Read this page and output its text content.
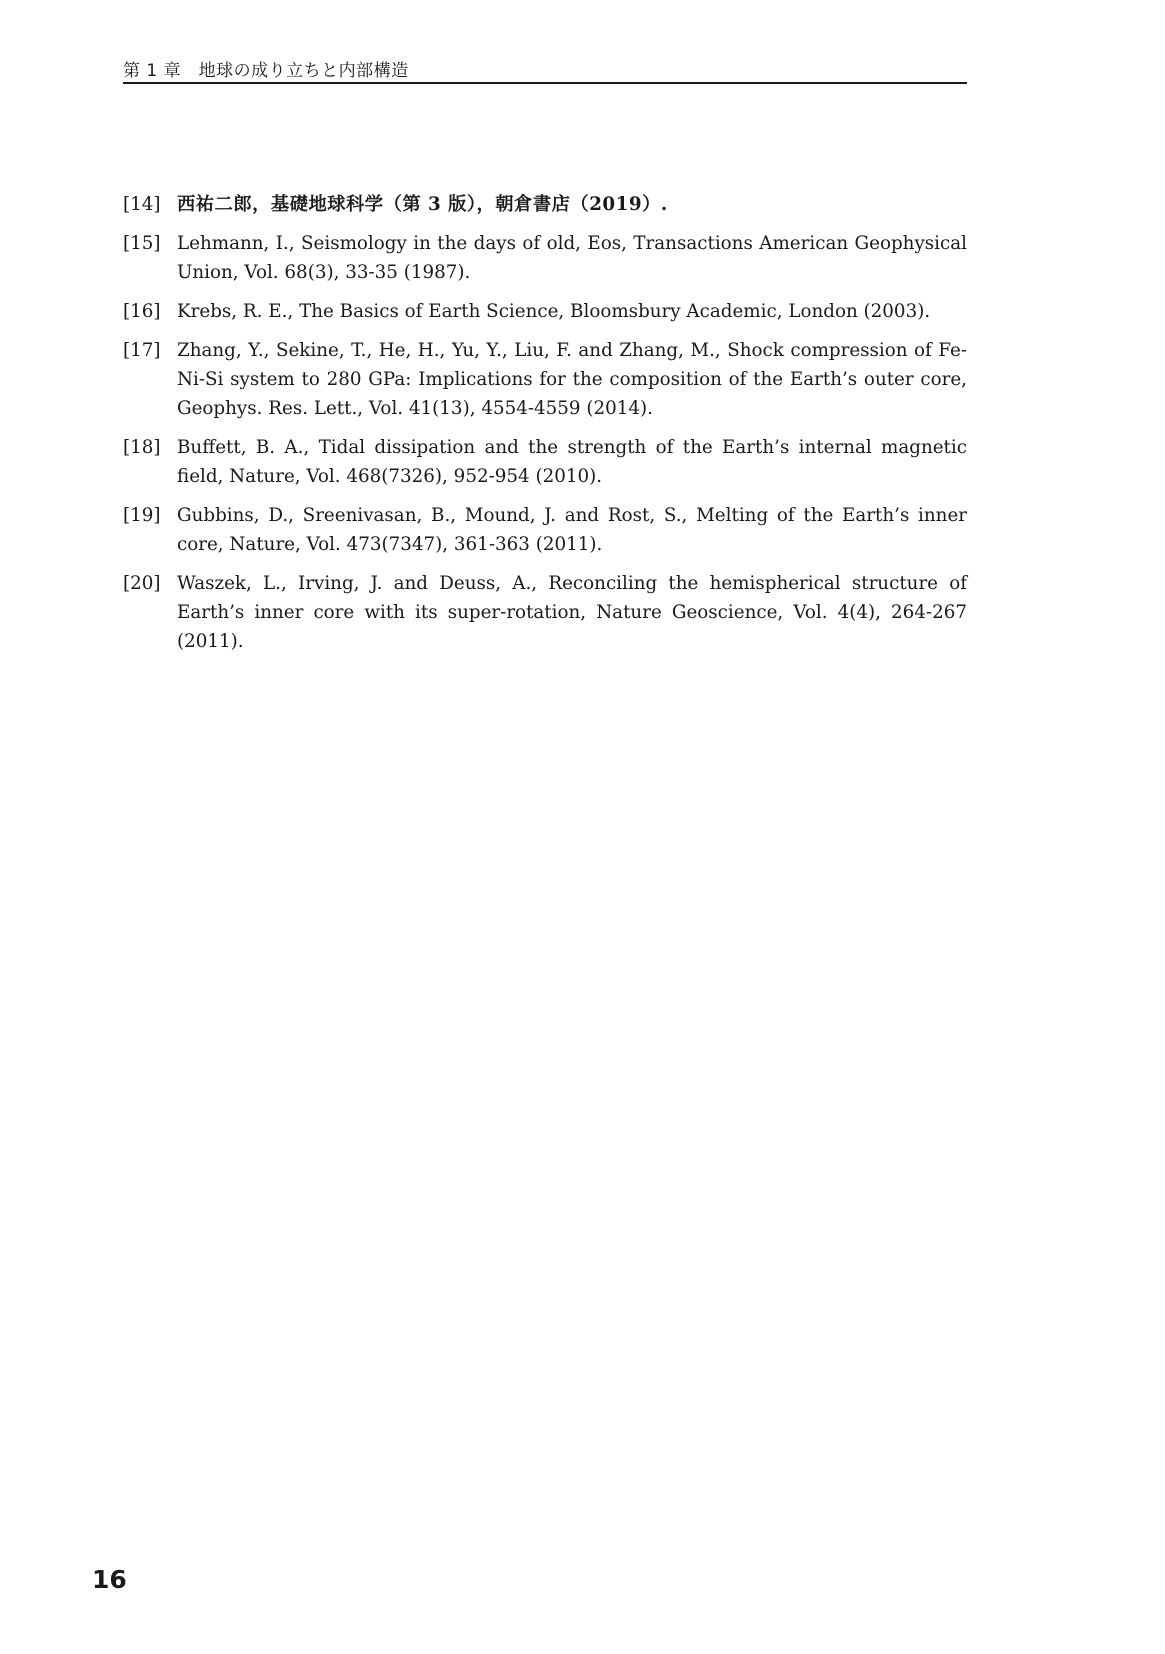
第 1 章　地球の成り立ちと内部構造
[14] 西祐二郎，基礎地球科学（第 3 版），朝倉書店（2019）.
[15] Lehmann, I., Seismology in the days of old, Eos, Transactions American Geophysical Union, Vol. 68(3), 33-35 (1987).
[16] Krebs, R. E., The Basics of Earth Science, Bloomsbury Academic, London (2003).
[17] Zhang, Y., Sekine, T., He, H., Yu, Y., Liu, F. and Zhang, M., Shock compression of Fe-Ni-Si system to 280 GPa: Implications for the composition of the Earth’s outer core, Geophys. Res. Lett., Vol. 41(13), 4554-4559 (2014).
[18] Buffett, B. A., Tidal dissipation and the strength of the Earth’s internal magnetic field, Nature, Vol. 468(7326), 952-954 (2010).
[19] Gubbins, D., Sreenivasan, B., Mound, J. and Rost, S., Melting of the Earth’s inner core, Nature, Vol. 473(7347), 361-363 (2011).
[20] Waszek, L., Irving, J. and Deuss, A., Reconciling the hemispherical structure of Earth’s inner core with its super-rotation, Nature Geoscience, Vol. 4(4), 264-267 (2011).
16
